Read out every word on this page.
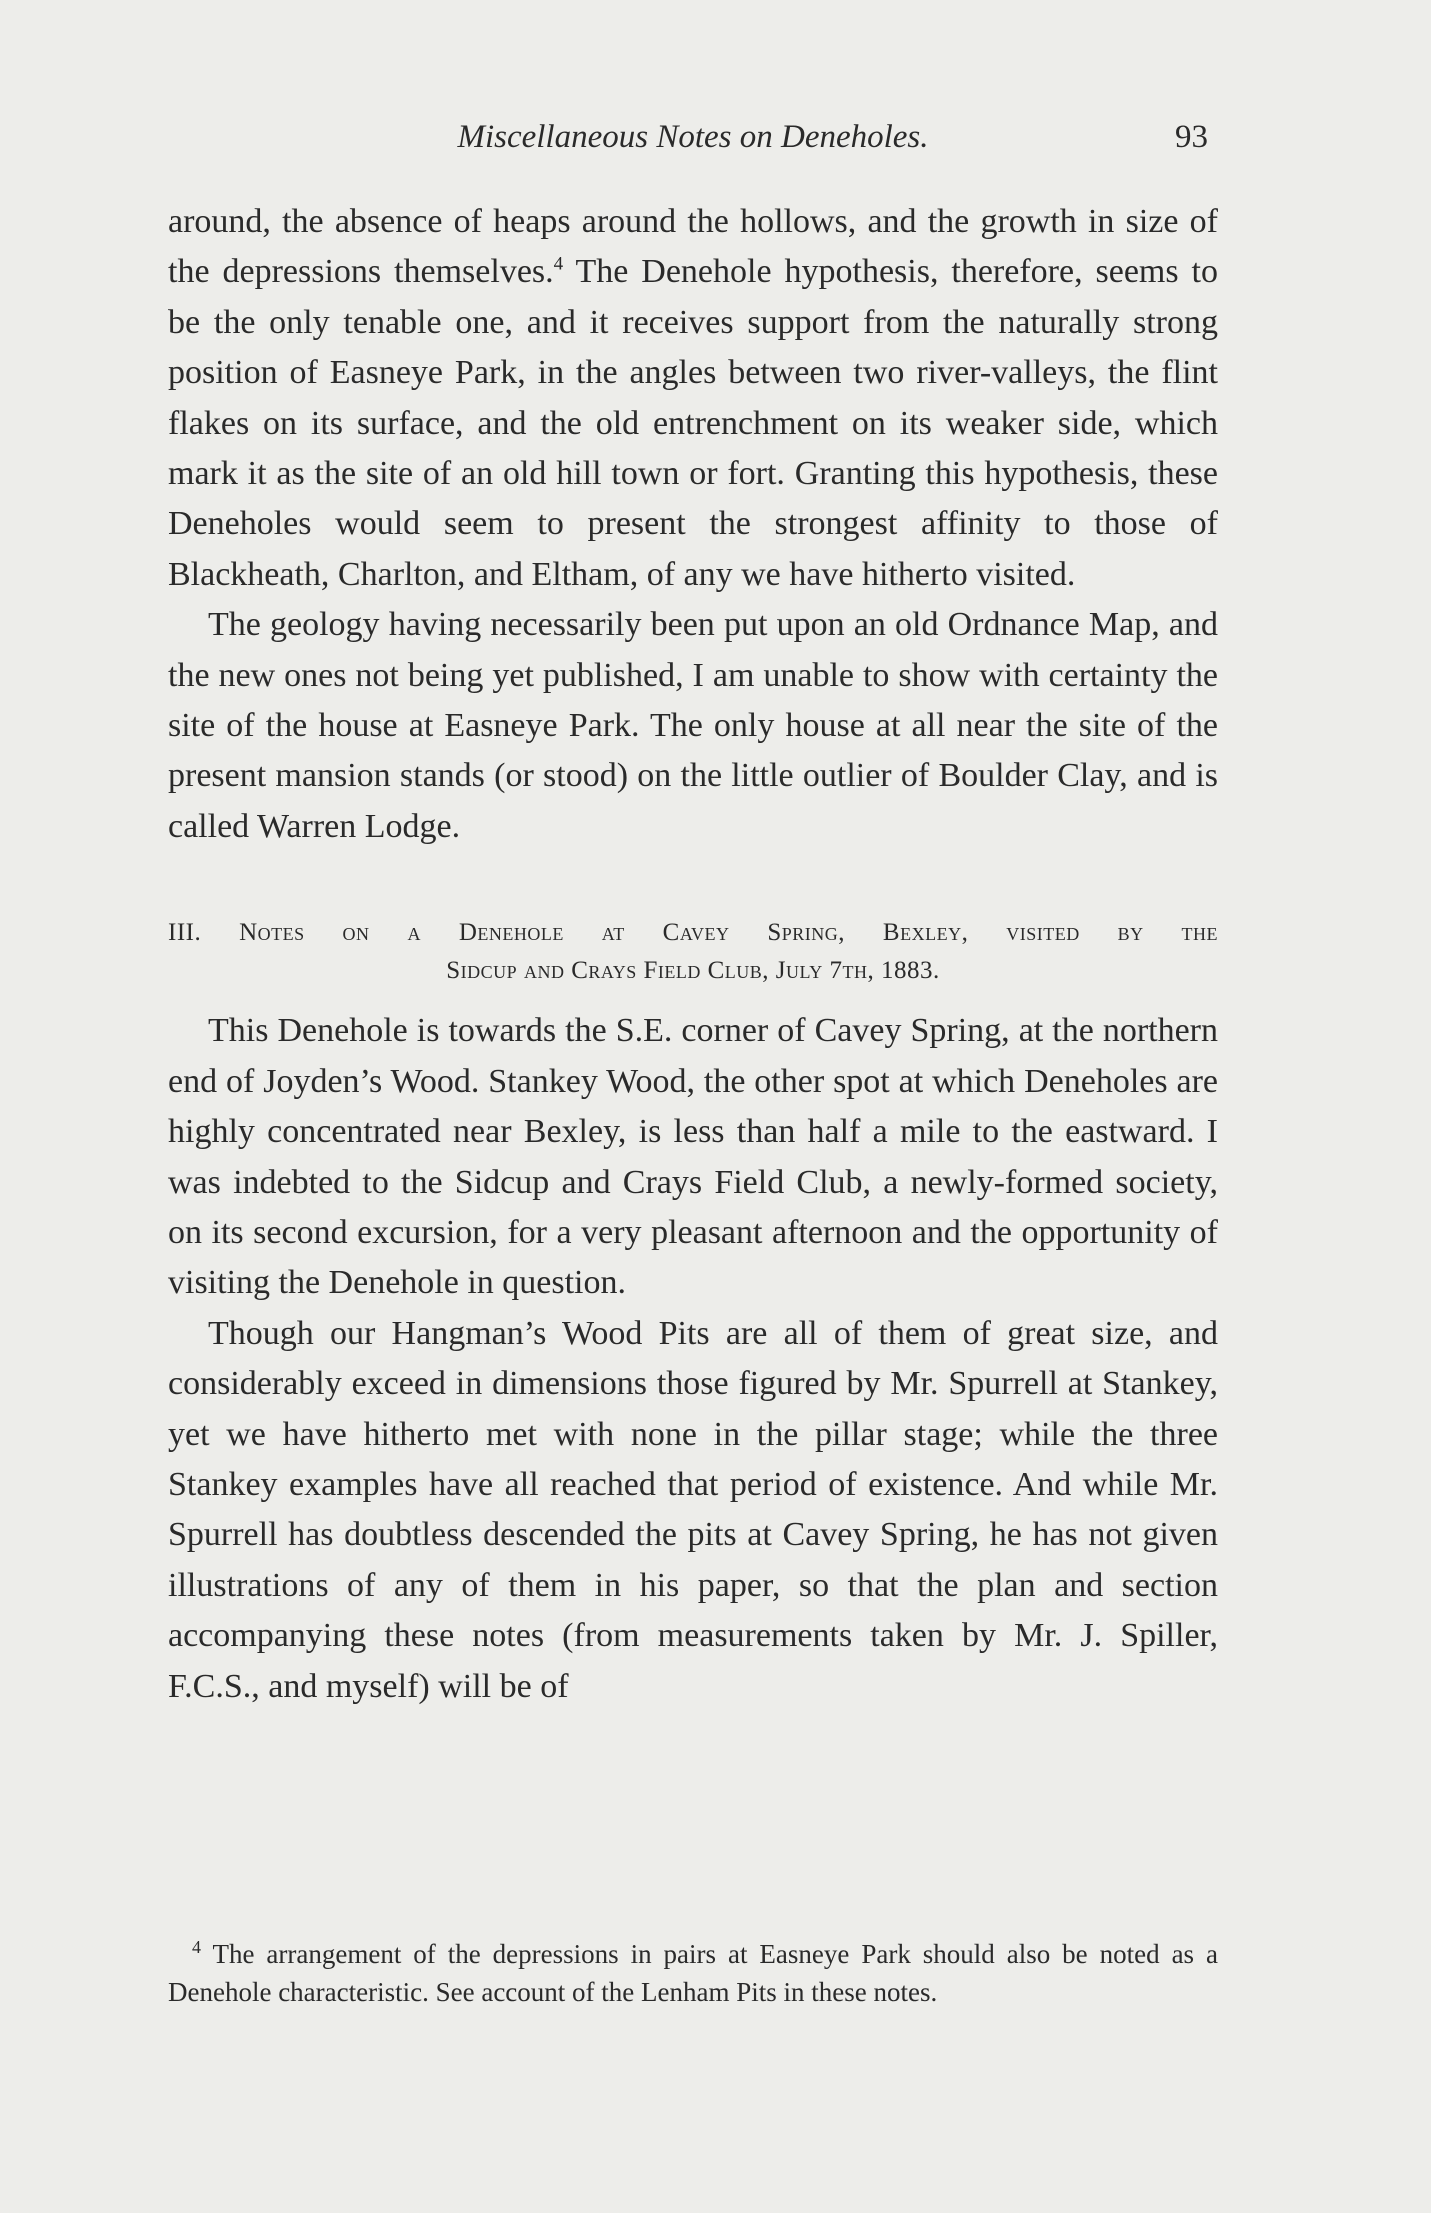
Miscellaneous Notes on Deneholes.	93

around, the absence of heaps around the hollows, and the growth in size of the depressions themselves.$^4$ The Denehole hypothesis, therefore, seems to be the only tenable one, and it receives support from the naturally strong position of Easneye Park, in the angles between two river-valleys, the flint flakes on its surface, and the old entrenchment on its weaker side, which mark it as the site of an old hill town or fort. Granting this hypothesis, these Deneholes would seem to present the strongest affinity to those of Blackheath, Charlton, and Eltham, of any we have hitherto visited.

The geology having necessarily been put upon an old Ordnance Map, and the new ones not being yet published, I am unable to show with certainty the site of the house at Easneye Park. The only house at all near the site of the present mansion stands (or stood) on the little outlier of Boulder Clay, and is called Warren Lodge.

III. Notes on a Denehole at Cavey Spring, Bexley, visited by the
Sidcup and Crays Field Club, July 7th, 1883.

This Denehole is towards the S.E. corner of Cavey Spring, at the northern end of Joyden’s Wood. Stankey Wood, the other spot at which Deneholes are highly concentrated near Bexley, is less than half a mile to the eastward. I was indebted to the Sidcup and Crays Field Club, a newly-formed society, on its second excursion, for a very pleasant afternoon and the opportunity of visiting the Denehole in question.

Though our Hangman’s Wood Pits are all of them of great size, and considerably exceed in dimensions those figured by Mr. Spurrell at Stankey, yet we have hitherto met with none in the pillar stage; while the three Stankey examples have all reached that period of existence. And while Mr. Spurrell has doubtless descended the pits at Cavey Spring, he has not given illustrations of any of them in his paper, so that the plan and section accompanying these notes (from measurements taken by Mr. J. Spiller, F.C.S., and myself) will be of

$^4$ The arrangement of the depressions in pairs at Easneye Park should also be noted as a Denehole characteristic. See account of the Lenham Pits in these notes.
